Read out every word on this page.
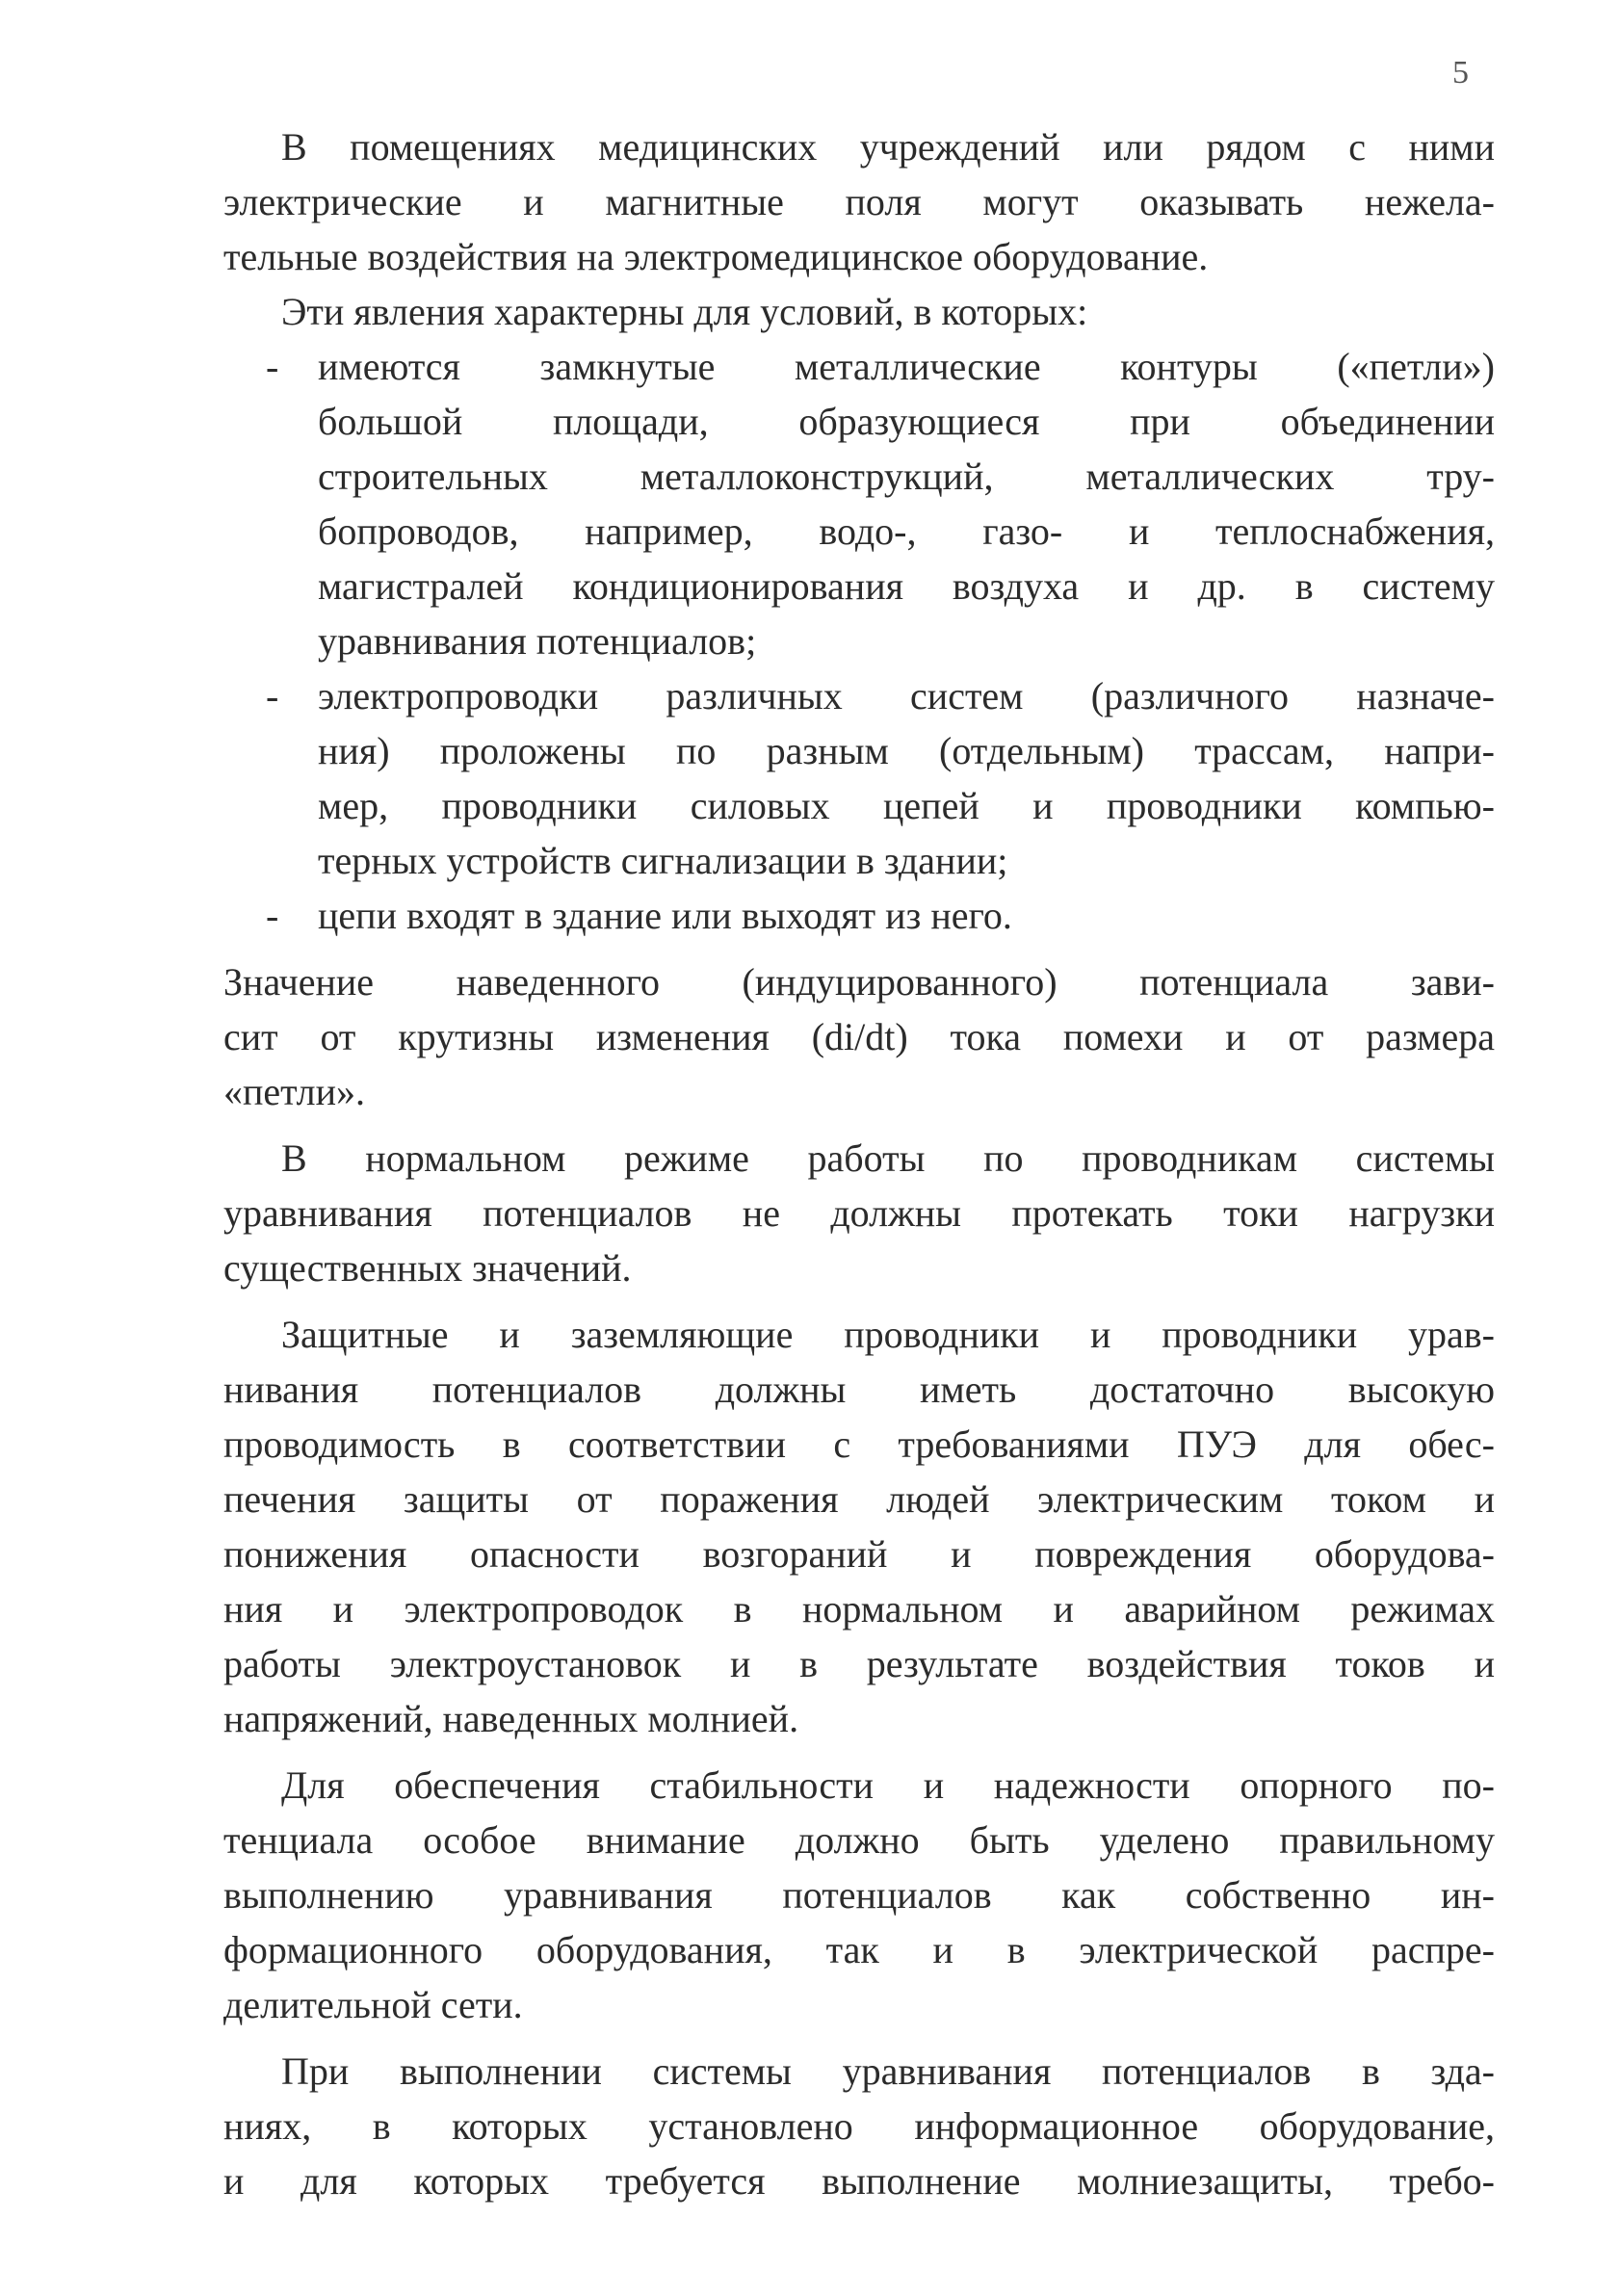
5
В помещениях медицинских учреждений или рядом с ними
электрические и магнитные поля могут оказывать нежела-
тельные воздействия на электромедицинское оборудование.
Эти явления характерны для условий, в которых:
- имеются замкнутые металлические контуры («петли»)
большой площади, образующиеся при объединении
строительных металлоконструкций, металлических тру-
бопроводов, например, водо-, газо- и теплоснабжения,
магистралей кондиционирования воздуха и др. в систему
уравнивания потенциалов;
- электропроводки различных систем (различного назначе-
ния) проложены по разным (отдельным) трассам, напри-
мер, проводники силовых цепей и проводники компью-
терных устройств сигнализации в здании;
- цепи входят в здание или выходят из него.
Значение наведенного (индуцированного) потенциала зави-
сит от крутизны изменения (di/dt) тока помехи и от размера
«петли».
В нормальном режиме работы по проводникам системы
уравнивания потенциалов не должны протекать токи нагрузки
существенных значений.
Защитные и заземляющие проводники и проводники урав-
нивания потенциалов должны иметь достаточно высокую
проводимость в соответствии с требованиями ПУЭ для обес-
печения защиты от поражения людей электрическим током и
понижения опасности возгораний и повреждения оборудова-
ния и электропроводок в нормальном и аварийном режимах
работы электроустановок и в результате воздействия токов и
напряжений, наведенных молнией.
Для обеспечения стабильности и надежности опорного по-
тенциала особое внимание должно быть уделено правильному
выполнению уравнивания потенциалов как собственно ин-
формационного оборудования, так и в электрической распре-
делительной сети.
При выполнении системы уравнивания потенциалов в зда-
ниях, в которых установлено информационное оборудование,
и для которых требуется выполнение молниезащиты, требо-
